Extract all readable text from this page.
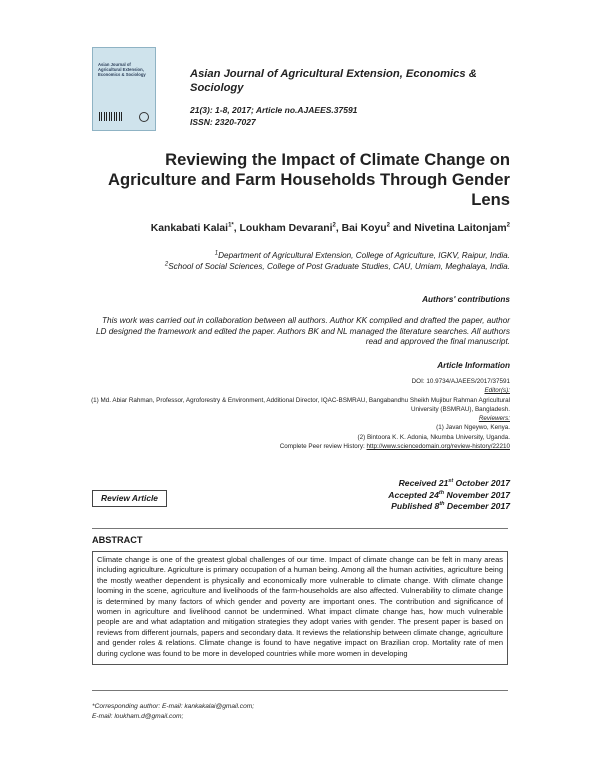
Asian Journal of Agricultural Extension, Economics & Sociology	Asian Journal of Agricultural Extension, Economics & Sociology
21(3): 1-8, 2017; Article no.AJAEES.37591
ISSN: 2320-7027
Reviewing the Impact of Climate Change on Agriculture and Farm Households Through Gender Lens
Kankabati Kalai$^{1*}$, Loukham Devarani$^2$, Bai Koyu$^2$ and Nivetina Laitonjam$^2$
$^1$Department of Agricultural Extension, College of Agriculture, IGKV, Raipur, India.
$^2$School of Social Sciences, College of Post Graduate Studies, CAU, Umiam, Meghalaya, India.
Authors' contributions
This work was carried out in collaboration between all authors. Author KK complied and drafted the paper, author LD designed the framework and edited the paper. Authors BK and NL managed the literature searches. All authors read and approved the final manuscript.
Article Information
DOI: 10.9734/AJAEES/2017/37591
Editor(s):
(1) Md. Abiar Rahman, Professor, Agroforestry & Environment, Additional Director, IQAC-BSMRAU, Bangabandhu Sheikh Mujibur Rahman Agricultural University (BSMRAU), Bangladesh.
Reviewers:
(1) Javan Ngeywo, Kenya.
(2) Bintoora K. K. Adonia, Nkumba University, Uganda.
Complete Peer review History: http://www.sciencedomain.org/review-history/22210
Review Article
Received 21st October 2017
Accepted 24th November 2017
Published 8th December 2017
ABSTRACT
Climate change is one of the greatest global challenges of our time. Impact of climate change can be felt in many areas including agriculture. Agriculture is primary occupation of a human being. Among all the human activities, agriculture being the mostly weather dependent is physically and economically more vulnerable to climate change. With climate change looming in the scene, agriculture and livelihoods of the farm-households are also affected. Vulnerability to climate change is determined by many factors of which gender and poverty are important ones. The contribution and significance of women in agriculture and livelihood cannot be undermined. What impact climate change has, how much vulnerable people are and what adaptation and mitigation strategies they adopt varies with gender. The present paper is based on reviews from different journals, papers and secondary data. It reviews the relationship between climate change, agriculture and gender roles & relations. Climate change is found to have negative impact on Brazilian crop. Mortality rate of men during cyclone was found to be more in developed countries while more women in developing
*Corresponding author: E-mail: kankakalai@gmail.com;
E-mail: loukham.d@gmail.com;
